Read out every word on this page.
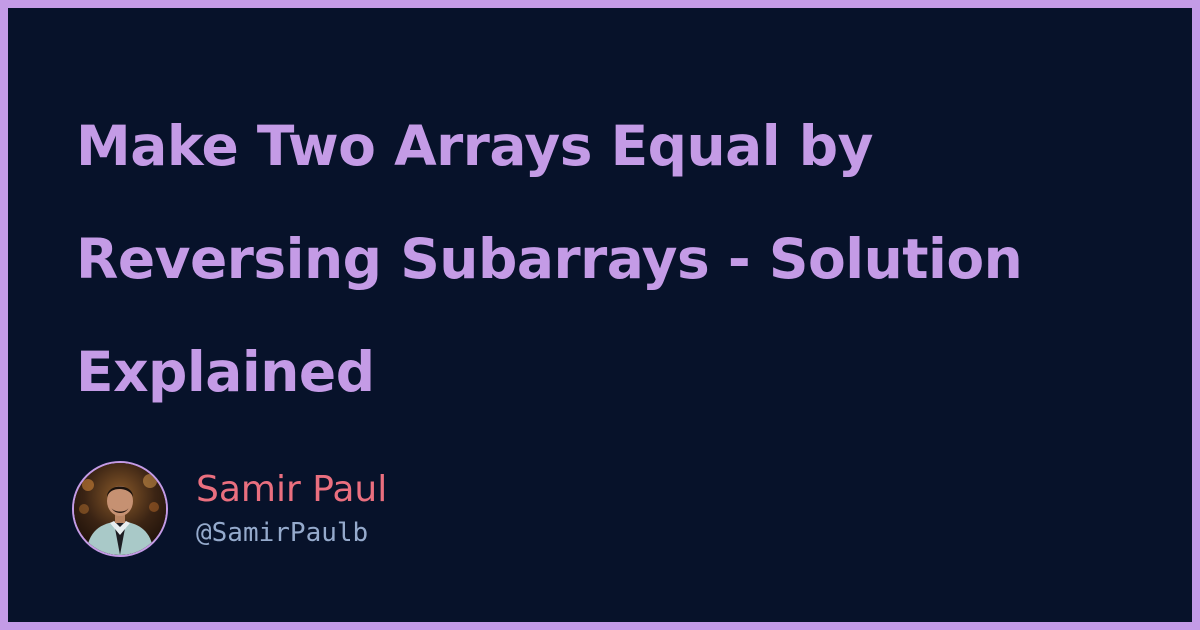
Make Two Arrays Equal by Reversing Subarrays - Solution Explained
Samir Paul
@SamirPaulb
